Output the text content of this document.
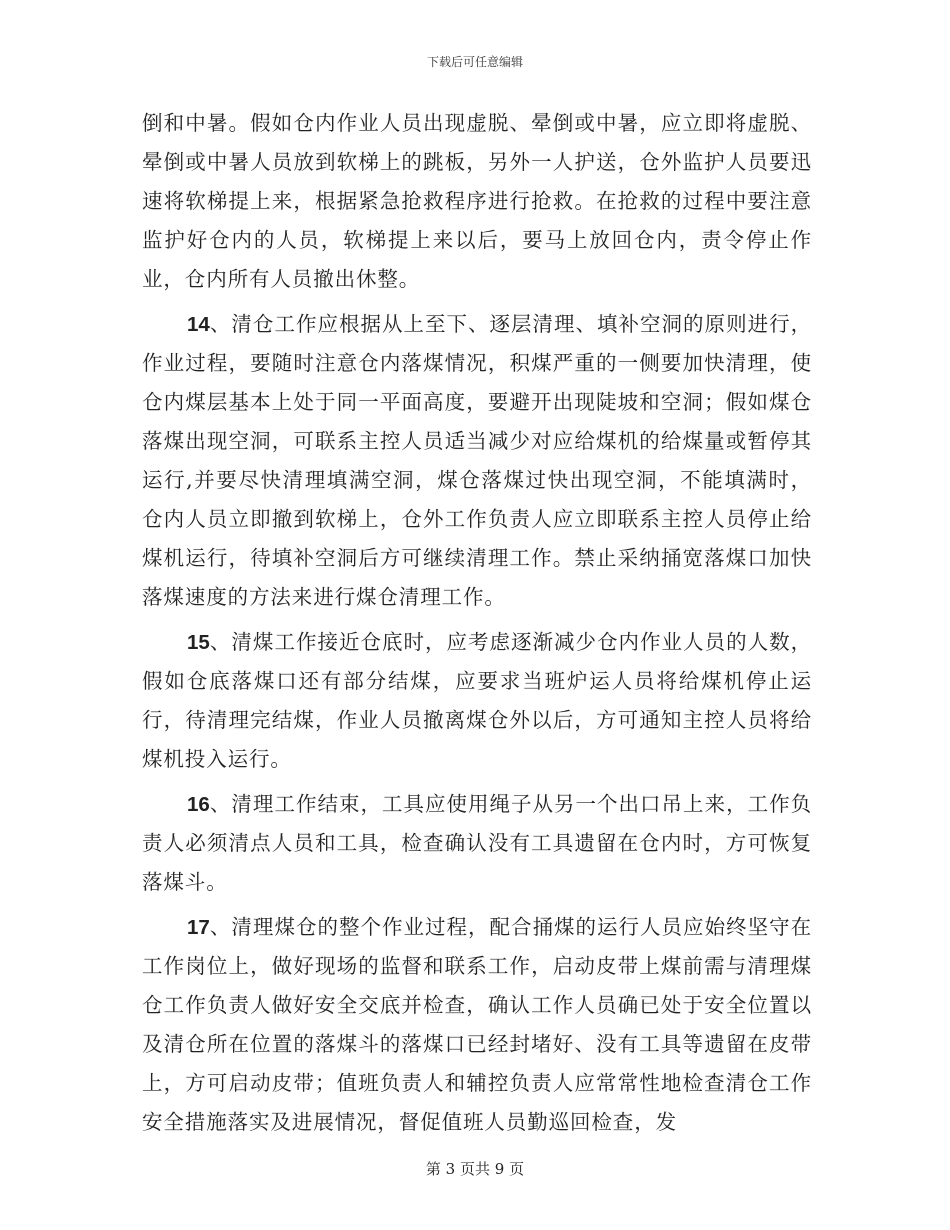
下载后可任意编辑

倒和中暑。假如仓内作业人员出现虚脱、晕倒或中暑，应立即将虚脱、晕倒或中暑人员放到软梯上的跳板，另外一人护送，仓外监护人员要迅速将软梯提上来，根据紧急抢救程序进行抢救。在抢救的过程中要注意监护好仓内的人员，软梯提上来以后，要马上放回仓内，责令停止作业，仓内所有人员撤出休整。

14、清仓工作应根据从上至下、逐层清理、填补空洞的原则进行，作业过程，要随时注意仓内落煤情况，积煤严重的一侧要加快清理，使仓内煤层基本上处于同一平面高度，要避开出现陡坡和空洞；假如煤仓落煤出现空洞，可联系主控人员适当减少对应给煤机的给煤量或暂停其运行,并要尽快清理填满空洞，煤仓落煤过快出现空洞，不能填满时，仓内人员立即撤到软梯上，仓外工作负责人应立即联系主控人员停止给煤机运行，待填补空洞后方可继续清理工作。禁止采纳捅宽落煤口加快落煤速度的方法来进行煤仓清理工作。

15、清煤工作接近仓底时，应考虑逐渐减少仓内作业人员的人数，假如仓底落煤口还有部分结煤，应要求当班炉运人员将给煤机停止运行，待清理完结煤，作业人员撤离煤仓外以后，方可通知主控人员将给煤机投入运行。

16、清理工作结束，工具应使用绳子从另一个出口吊上来，工作负责人必须清点人员和工具，检查确认没有工具遗留在仓内时，方可恢复落煤斗。

17、清理煤仓的整个作业过程，配合捅煤的运行人员应始终坚守在工作岗位上，做好现场的监督和联系工作，启动皮带上煤前需与清理煤仓工作负责人做好安全交底并检查，确认工作人员确已处于安全位置以及清仓所在位置的落煤斗的落煤口已经封堵好、没有工具等遗留在皮带上，方可启动皮带；值班负责人和辅控负责人应常常性地检查清仓工作安全措施落实及进展情况，督促值班人员勤巡回检查，发

第 3 页共 9 页
